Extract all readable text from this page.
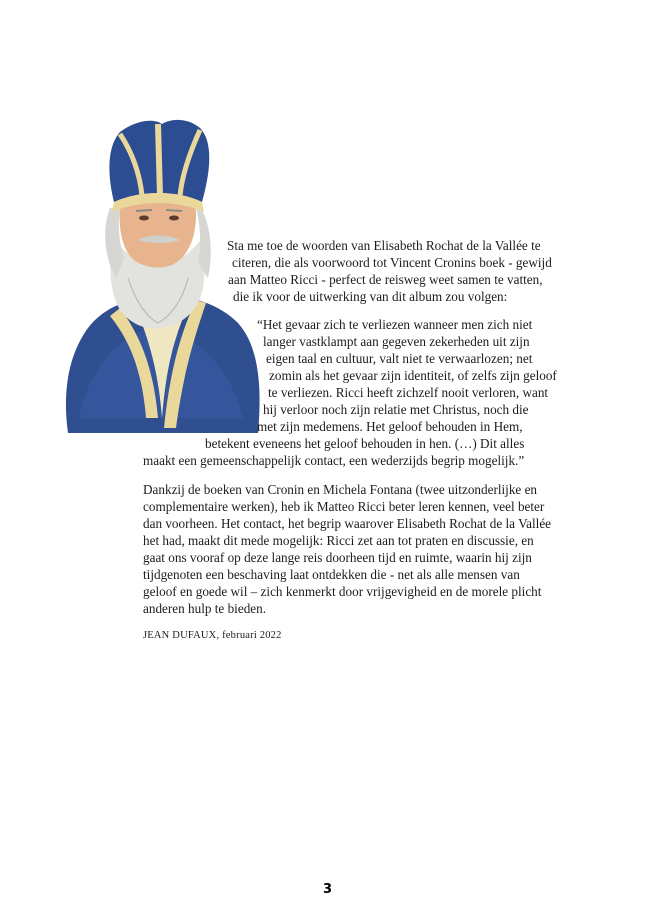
Sta me toe de woorden van Elisabeth Rochat de la Vallée te
citeren, die als voorwoord tot Vincent Cronins boek - gewijd
aan Matteo Ricci - perfect de reisweg weet samen te vatten,
die ik voor de uitwerking van dit album zou volgen:
“Het gevaar zich te verliezen wanneer men zich niet
langer vastklampt aan gegeven zekerheden uit zijn
eigen taal en cultuur, valt niet te verwaarlozen; net
zomin als het gevaar zijn identiteit, of zelfs zijn geloof
te verliezen. Ricci heeft zichzelf nooit verloren, want
hij verloor noch zijn relatie met Christus, noch die
met zijn medemens. Het geloof behouden in Hem,
betekent eveneens het geloof behouden in hen. (…) Dit alles
maakt een gemeenschappelijk contact, een wederzijds begrip mogelijk.”
Dankzij de boeken van Cronin en Michela Fontana (twee uitzonderlijke en
complementaire werken), heb ik Matteo Ricci beter leren kennen, veel beter
dan voorheen. Het contact, het begrip waarover Elisabeth Rochat de la Vallée
het had, maakt dit mede mogelijk: Ricci zet aan tot praten en discussie, en
gaat ons vooraf op deze lange reis doorheen tijd en ruimte, waarin hij zijn
tijdgenoten een beschaving laat ontdekken die - net als alle mensen van
geloof en goede wil – zich kenmerkt door vrijgevigheid en de morele plicht
anderen hulp te bieden.
JEAN DUFAUX, februari 2022
3
